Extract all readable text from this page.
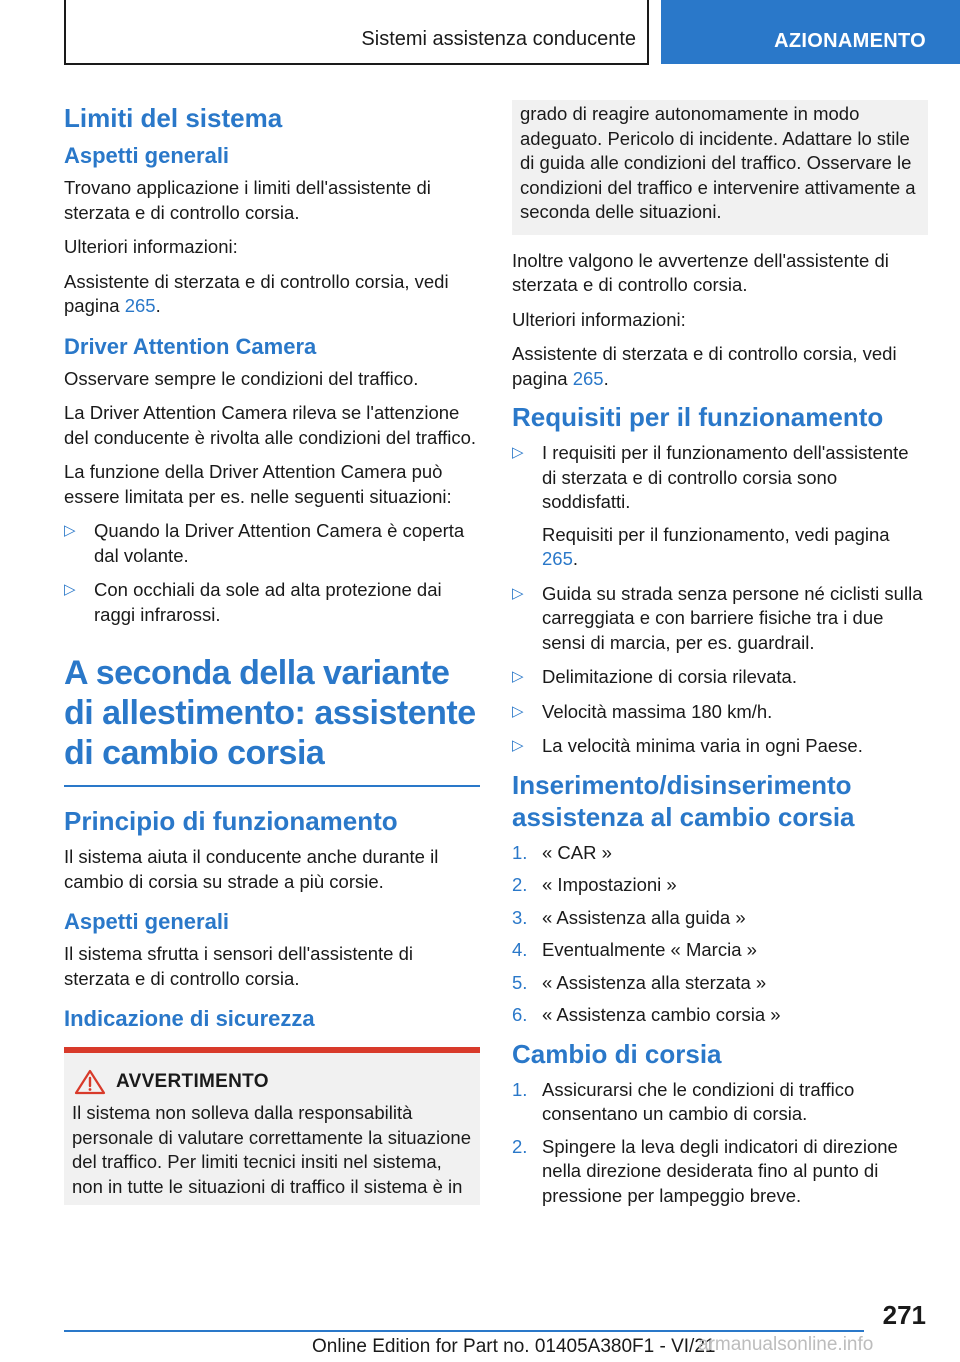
Sistemi assistenza conducente	AZIONAMENTO
Limiti del sistema
Aspetti generali

Trovano applicazione i limiti dell'assistente di sterzata e di controllo corsia.

Ulteriori informazioni:

Assistente di sterzata e di controllo corsia, vedi pagina 265.

Driver Attention Camera

Osservare sempre le condizioni del traffico.

La Driver Attention Camera rileva se l'attenzione del conducente è rivolta alle condizioni del traffico.

La funzione della Driver Attention Camera può essere limitata per es. nelle seguenti situazioni:

▷ Quando la Driver Attention Camera è coperta dal volante.
▷ Con occhiali da sole ad alta protezione dai raggi infrarossi.
A seconda della variante di allestimento: assistente di cambio corsia
Principio di funzionamento

Il sistema aiuta il conducente anche durante il cambio di corsia su strade a più corsie.

Aspetti generali

Il sistema sfrutta i sensori dell'assistente di sterzata e di controllo corsia.

Indicazione di sicurezza
AVVERTIMENTO

Il sistema non solleva dalla responsabilità personale di valutare correttamente la situazione del traffico. Per limiti tecnici insiti nel sistema, non in tutte le situazioni di traffico il sistema è in

grado di reagire autonomamente in modo adeguato. Pericolo di incidente. Adattare lo stile di guida alle condizioni del traffico. Osservare le condizioni del traffico e intervenire attivamente a seconda delle situazioni.

Inoltre valgono le avvertenze dell'assistente di sterzata e di controllo corsia.

Ulteriori informazioni:

Assistente di sterzata e di controllo corsia, vedi pagina 265.

Requisiti per il funzionamento
▷ I requisiti per il funzionamento dell'assistente di sterzata e di controllo corsia sono soddisfatti.

Requisiti per il funzionamento, vedi pagina 265.

▷ Guida su strada senza persone né ciclisti sulla carreggiata e con barriere fisiche tra i due sensi di marcia, per es. guardrail.
▷ Delimitazione di corsia rilevata.
▷ Velocità massima 180 km/h.
▷ La velocità minima varia in ogni Paese.
Inserimento/disinserimento assistenza al cambio corsia
1. « CAR »
2. « Impostazioni »
3. « Assistenza alla guida »
4. Eventualmente « Marcia »
5. « Assistenza alla sterzata »
6. « Assistenza cambio corsia »
Cambio di corsia
1. Assicurarsi che le condizioni di traffico consentano un cambio di corsia.
2. Spingere la leva degli indicatori di direzione nella direzione desiderata fino al punto di pressione per lampeggio breve.
271
Online Edition for Part no. 01405A380F1 - VI/21
armanualsonline.info
